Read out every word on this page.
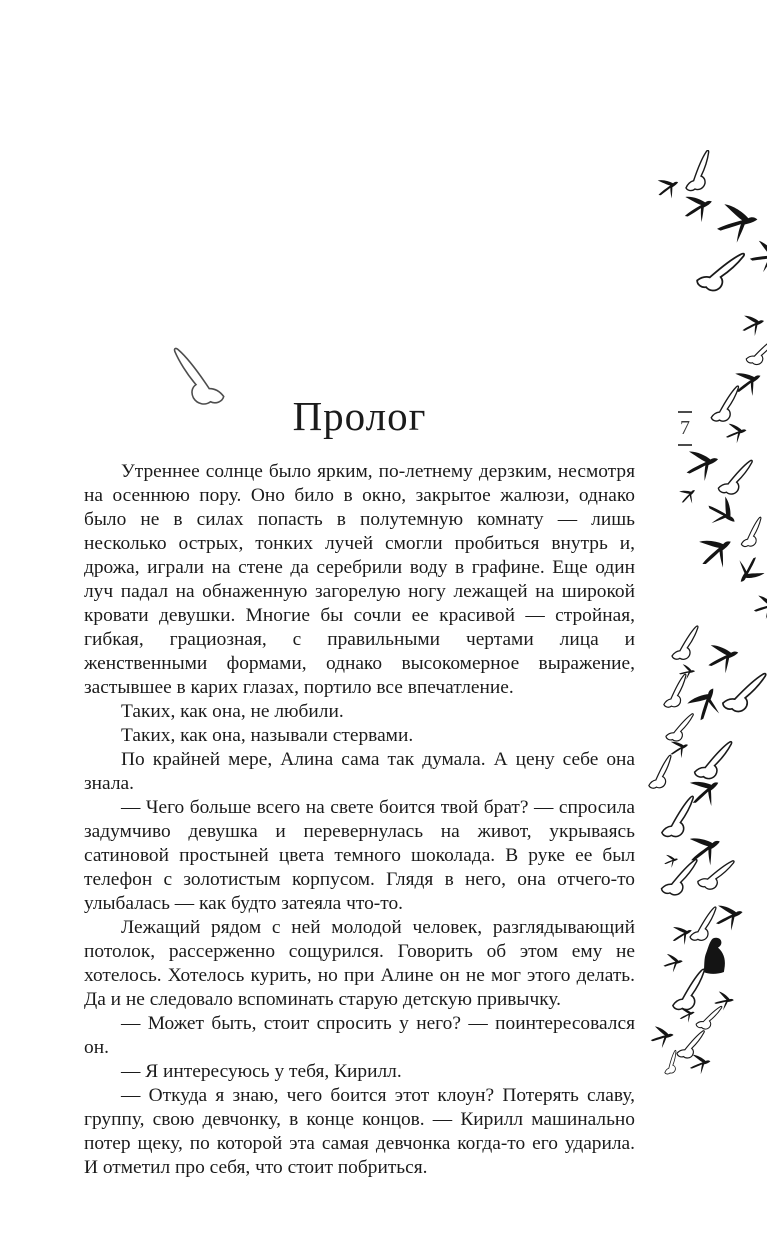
Пролог	7

Утреннее солнце было ярким, по-летнему дерзким, несмотря на осеннюю пору. Оно било в окно, закрытое жалюзи, однако было не в силах попасть в полутемную комнату — лишь несколько острых, тонких лучей смогли пробиться внутрь и, дрожа, играли на стене да серебрили воду в графине. Еще один луч падал на обнаженную загорелую ногу лежащей на широкой кровати девушки. Многие бы сочли ее красивой — стройная, гибкая, грациозная, с правильными чертами лица и женственными формами, однако высокомерное выражение, застывшее в карих глазах, портило все впечатление.

Таких, как она, не любили.

Таких, как она, называли стервами.

По крайней мере, Алина сама так думала. А цену себе она знала.

— Чего больше всего на свете боится твой брат? — спросила задумчиво девушка и перевернулась на живот, укрываясь сатиновой простыней цвета темного шоколада. В руке ее был телефон с золотистым корпусом. Глядя в него, она отчего-то улыбалась — как будто затеяла что-то.

Лежащий рядом с ней молодой человек, разглядывающий потолок, рассерженно сощурился. Говорить об этом ему не хотелось. Хотелось курить, но при Алине он не мог этого делать. Да и не следовало вспоминать старую детскую привычку.

— Может быть, стоит спросить у него? — поинтересовался он.

— Я интересуюсь у тебя, Кирилл.

— Откуда я знаю, чего боится этот клоун? Потерять славу, группу, свою девчонку, в конце концов. — Кирилл машинально потер щеку, по которой эта самая девчонка когда-то его ударила. И отметил про себя, что стоит побриться.
